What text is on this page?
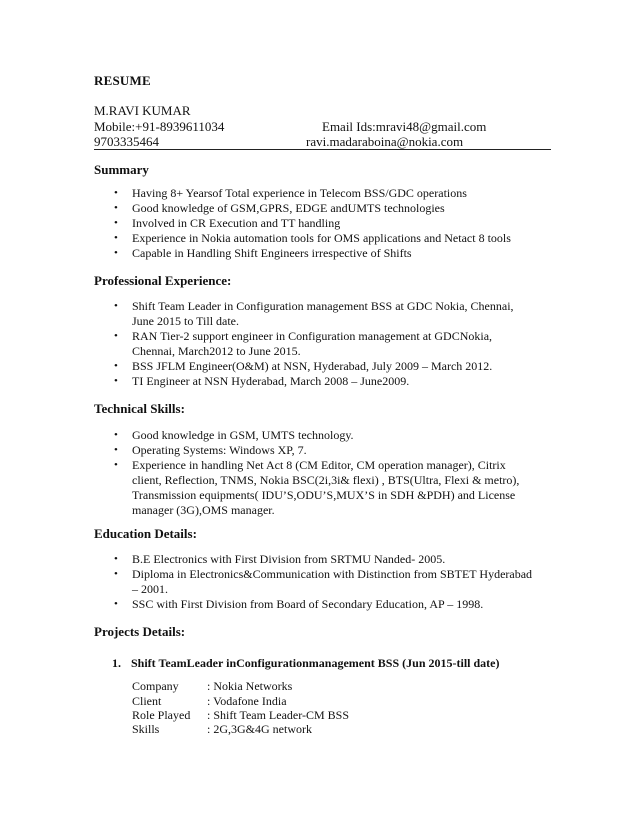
RESUME
M.RAVI KUMAR
Mobile:+91-8939611034	Email Ids:mravi48@gmail.com
9703335464	ravi.madaraboina@nokia.com
Summary
• Having 8+ Yearsof Total experience in Telecom BSS/GDC operations
• Good knowledge of GSM,GPRS, EDGE andUMTS technologies
• Involved in CR Execution and TT handling
• Experience in Nokia automation tools for OMS applications and Netact 8 tools
• Capable in Handling Shift Engineers irrespective of Shifts
Professional Experience:
• Shift Team Leader in Configuration management BSS at GDC Nokia, Chennai, June 2015 to Till date.
• RAN Tier-2 support engineer in Configuration management at GDCNokia, Chennai, March2012 to June 2015.
• BSS JFLM Engineer(O&M) at NSN, Hyderabad, July 2009 – March 2012.
• TI Engineer at NSN Hyderabad, March 2008 – June2009.
Technical Skills:
• Good knowledge in GSM, UMTS technology.
• Operating Systems: Windows XP, 7.
• Experience in handling Net Act 8 (CM Editor, CM operation manager), Citrix client, Reflection, TNMS, Nokia BSC(2i,3i& flexi) , BTS(Ultra, Flexi & metro), Transmission equipments( IDU’S,ODU’S,MUX’S in SDH &PDH) and License manager (3G),OMS manager.
Education Details:
• B.E Electronics with First Division from SRTMU Nanded- 2005.
• Diploma in Electronics&Communication with Distinction from SBTET Hyderabad – 2001.
• SSC with First Division from Board of Secondary Education, AP – 1998.
Projects Details:
1. Shift TeamLeader inConfigurationmanagement BSS (Jun 2015-till date)
Company : Nokia Networks
Client	: Vodafone India
Role Played : Shift Team Leader-CM BSS
Skills	: 2G,3G&4G network
